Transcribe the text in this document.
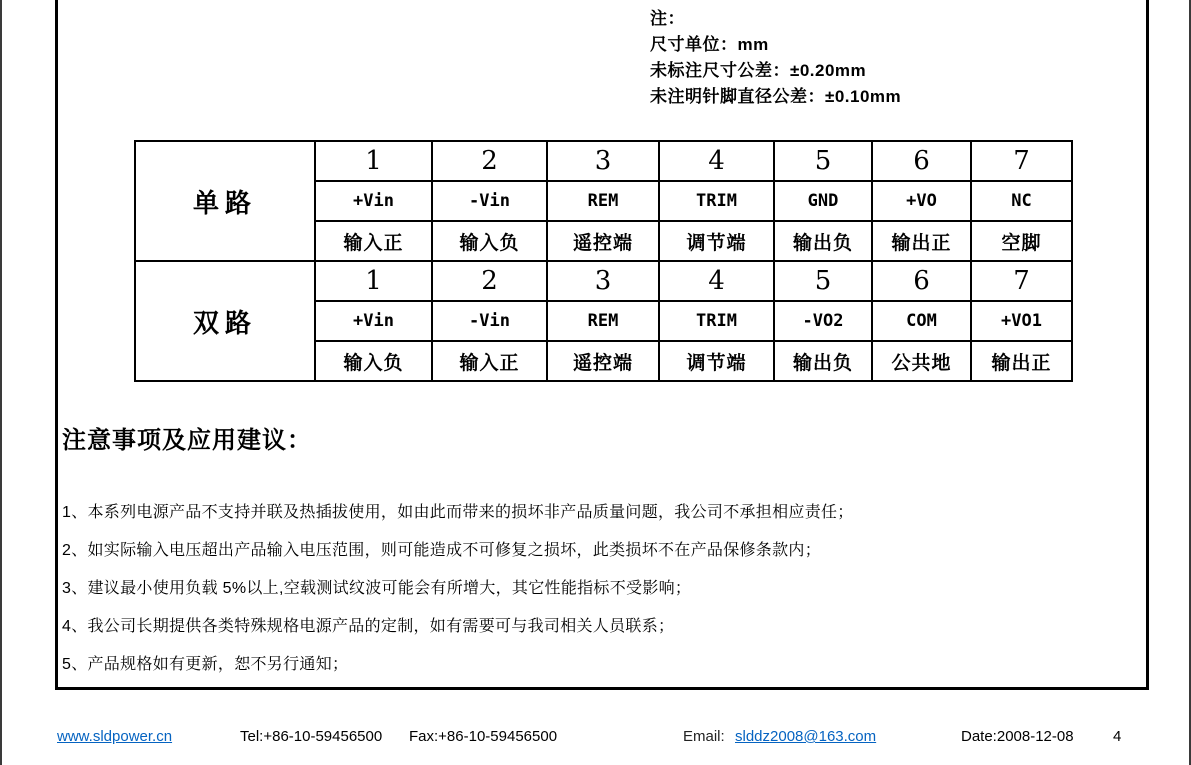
注：
尺寸单位：mm
未标注尺寸公差：±0.20mm
未注明针脚直径公差：±0.10mm
单路	1	2	3	4	5	6	7
	+Vin	-Vin	REM	TRIM	GND	+VO	NC
	输入正	输入负	遥控端	调节端	输出负	输出正	空脚
双路	1	2	3	4	5	6	7
	+Vin	-Vin	REM	TRIM	-VO2	COM	+VO1
	输入负	输入正	遥控端	调节端	输出负	公共地	输出正
注意事项及应用建议：
1、本系列电源产品不支持并联及热插拔使用，如由此而带来的损坏非产品质量问题，我公司不承担相应责任；
2、如实际输入电压超出产品输入电压范围，则可能造成不可修复之损坏，此类损坏不在产品保修条款内；
3、建议最小使用负载 5%以上,空载测试纹波可能会有所增大，其它性能指标不受影响；
4、我公司长期提供各类特殊规格电源产品的定制，如有需要可与我司相关人员联系；
5、产品规格如有更新，恕不另行通知；
www.sldpower.cn	Tel:+86-10-59456500 Fax:+86-10-59456500	Email: slddz2008@163.com	Date:2008-12-08	4
